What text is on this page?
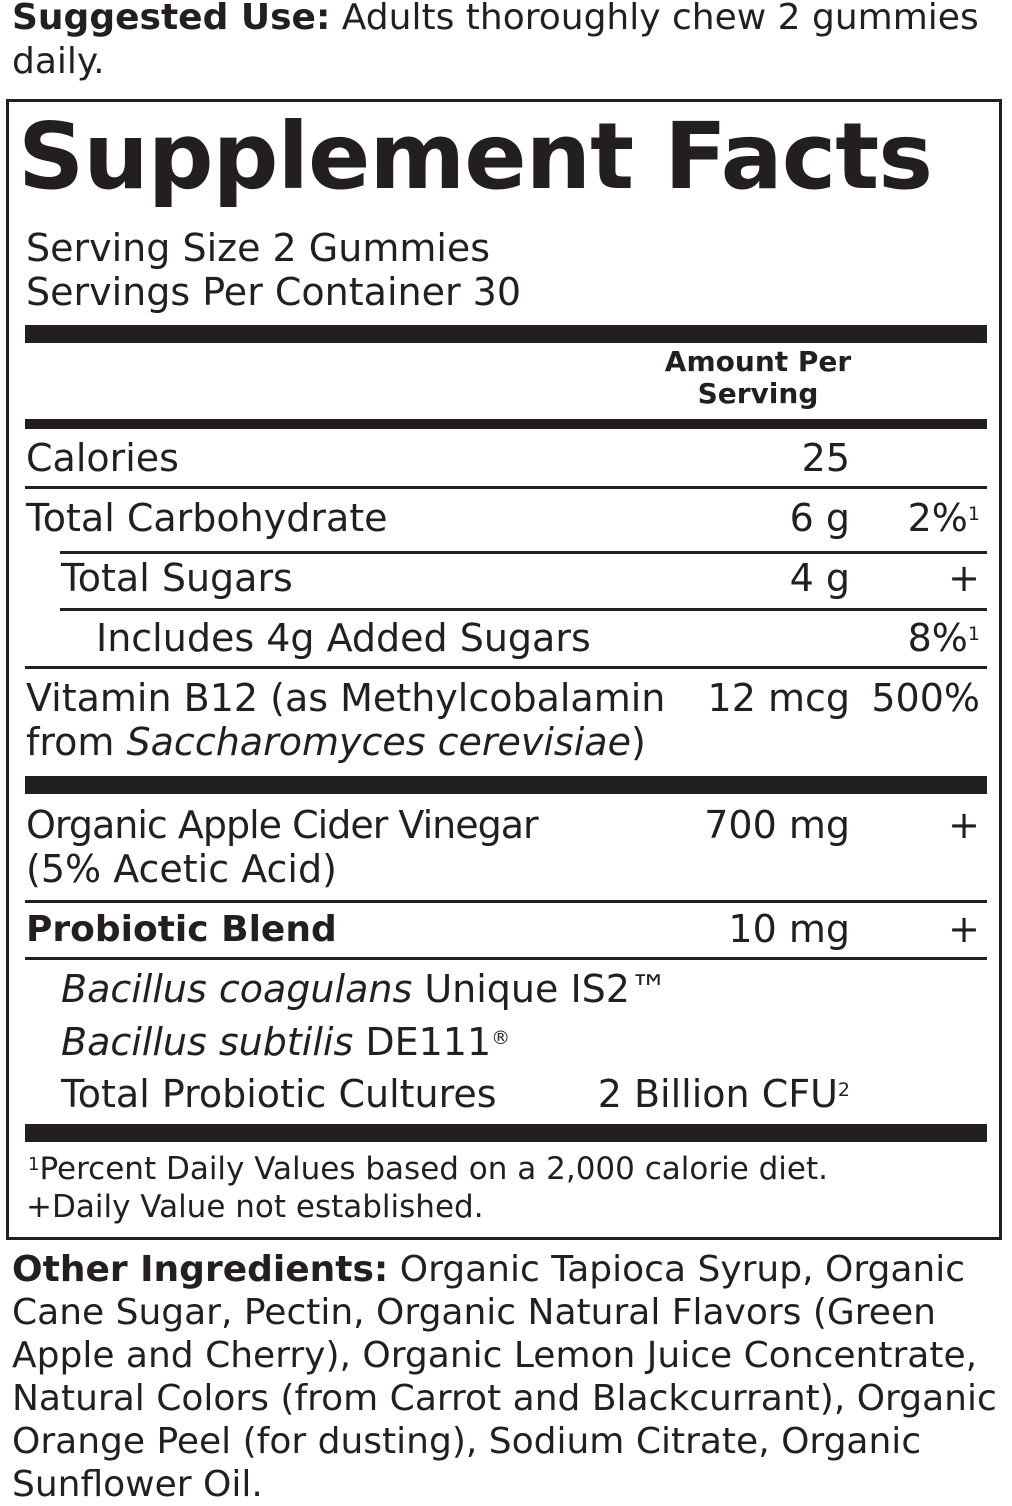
Suggested Use: Adults thoroughly chew 2 gummies daily.
Supplement Facts
Serving Size 2 Gummies
Servings Per Container 30
Amount Per
Serving
Calories	25
Total Carbohydrate	6 g	2%$^1$
Total Sugars	4 g	+
Includes 4g Added Sugars	8%$^1$
Vitamin B12 (as Methylcobalamin
from Saccharomyces cerevisiae)
12 mcg 500%
Organic Apple Cider Vinegar
(5% Acetic Acid)
700 mg	+
Probiotic Blend	10 mg	+
Bacillus coagulans Unique IS2™
Bacillus subtilis DE111®
Total Probiotic Cultures	2 Billion CFU$^2$
$^1$Percent Daily Values based on a 2,000 calorie diet.
+Daily Value not established.
Other Ingredients: Organic Tapioca Syrup, Organic Cane Sugar, Pectin, Organic Natural Flavors (Green Apple and Cherry), Organic Lemon Juice Concentrate, Natural Colors (from Carrot and Blackcurrant), Organic Orange Peel (for dusting), Sodium Citrate, Organic Sunflower Oil.
